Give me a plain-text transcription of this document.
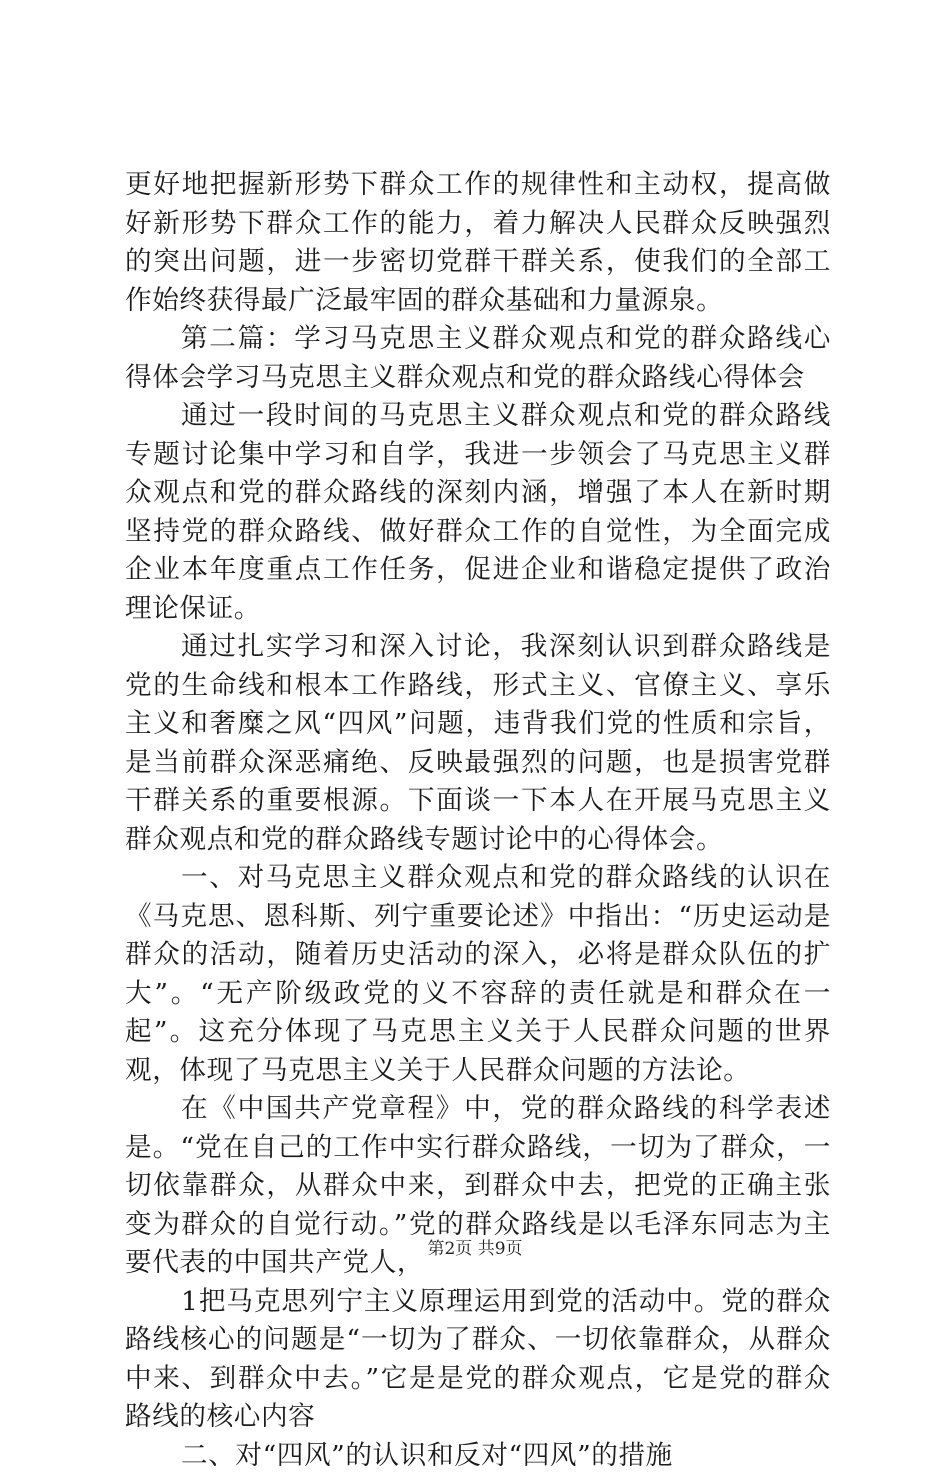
更好地把握新形势下群众工作的规律性和主动权，提高做好新形势下群众工作的能力，着力解决人民群众反映强烈的突出问题，进一步密切党群干群关系，使我们的全部工作始终获得最广泛最牢固的群众基础和力量源泉。

第二篇：学习马克思主义群众观点和党的群众路线心得体会学习马克思主义群众观点和党的群众路线心得体会

通过一段时间的马克思主义群众观点和党的群众路线专题讨论集中学习和自学，我进一步领会了马克思主义群众观点和党的群众路线的深刻内涵，增强了本人在新时期坚持党的群众路线、做好群众工作的自觉性，为全面完成企业本年度重点工作任务，促进企业和谐稳定提供了政治理论保证。

通过扎实学习和深入讨论，我深刻认识到群众路线是党的生命线和根本工作路线，形式主义、官僚主义、享乐主义和奢糜之风“四风”问题，违背我们党的性质和宗旨，是当前群众深恶痛绝、反映最强烈的问题，也是损害党群干群关系的重要根源。下面谈一下本人在开展马克思主义群众观点和党的群众路线专题讨论中的心得体会。

一、对马克思主义群众观点和党的群众路线的认识在《马克思、恩科斯、列宁重要论述》中指出：“历史运动是群众的活动，随着历史活动的深入，必将是群众队伍的扩大”。“无产阶级政党的义不容辞的责任就是和群众在一起”。这充分体现了马克思主义关于人民群众问题的世界观，体现了马克思主义关于人民群众问题的方法论。

在《中国共产党章程》中，党的群众路线的科学表述是。“党在自己的工作中实行群众路线，一切为了群众，一切依靠群众，从群众中来，到群众中去，把党的正确主张变为群众的自觉行动。”党的群众路线是以毛泽东同志为主要代表的中国共产党人，

1把马克思列宁主义原理运用到党的活动中。党的群众路线核心的问题是“一切为了群众、一切依靠群众，从群众中来、到群众中去。”它是是党的群众观点，它是党的群众路线的核心内容

二、对“四风”的认识和反对“四风”的措施

第2页 共9页
